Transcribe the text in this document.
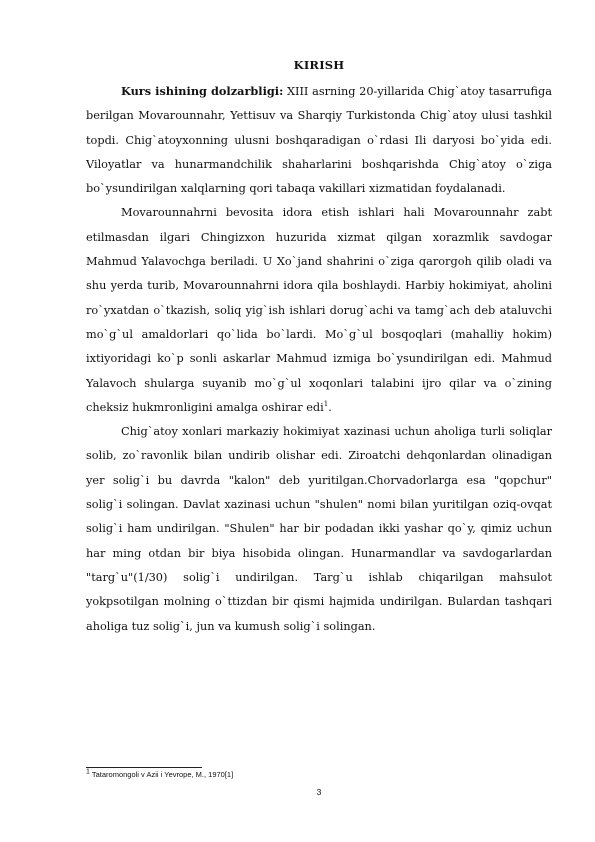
KIRISH

Kurs ishining dolzarbligi: XIII asrning 20-yillarida Chig`atoy tasarrufiga berilgan Movarounnahr, Yettisuv va Sharqiy Turkistonda Chig`atoy ulusi tashkil topdi. Chig`atoyxonning ulusni boshqaradigan o`rdasi Ili daryosi bo`yida edi. Viloyatlar va hunarmandchilik shaharlarini boshqarishda Chig`atoy o`ziga bo`ysundirilgan xalqlarning qori tabaqa vakillari xizmatidan foydalanadi.

Movarounnahrni bevosita idora etish ishlari hali Movarounnahr zabt etilmasdan ilgari Chingizxon huzurida xizmat qilgan xorazmlik savdogar Mahmud Yalavochga beriladi. U Xo`jand shahrini o`ziga qarorgoh qilib oladi va shu yerda turib, Movarounnahrni idora qila boshlaydi. Harbiy hokimiyat, aholini ro`yxatdan o`tkazish, soliq yig`ish ishlari dorug`achi va tamg`ach deb ataluvchi mo`g`ul amaldorlari qo`lida bo`lardi. Mo`g`ul bosqoqlari (mahalliy hokim) ixtiyoridagi ko`p sonli askarlar Mahmud izmiga bo`ysundirilgan edi. Mahmud Yalavoch shularga suyanib mo`g`ul xoqonlari talabini ijro qilar va o`zining cheksiz hukmronligini amalga oshirar edi$^1$.

Chig`atoy xonlari markaziy hokimiyat xazinasi uchun aholiga turli soliqlar solib, zo`ravonlik bilan undirib olishar edi. Ziroatchi dehqonlardan olinadigan yer solig`i bu davrda "kalon" deb yuritilgan.Chorvadorlarga esa "qopchur" solig`i solingan. Davlat xazinasi uchun "shulen" nomi bilan yuritilgan oziq-ovqat solig`i ham undirilgan. "Shulen" har bir podadan ikki yashar qo`y, qimiz uchun har ming otdan bir biya hisobida olingan. Hunarmandlar va savdogarlardan "targ`u"(1/30) solig`i undirilgan. Targ`u ishlab chiqarilgan mahsulot yokpsotilgan molning o`ttizdan bir qismi hajmida undirilgan. Bulardan tashqari aholiga tuz solig`i, jun va kumush solig`i solingan.

$^1$ Tataromongoli v Azii i Yevrope, M., 1970[1]
3
